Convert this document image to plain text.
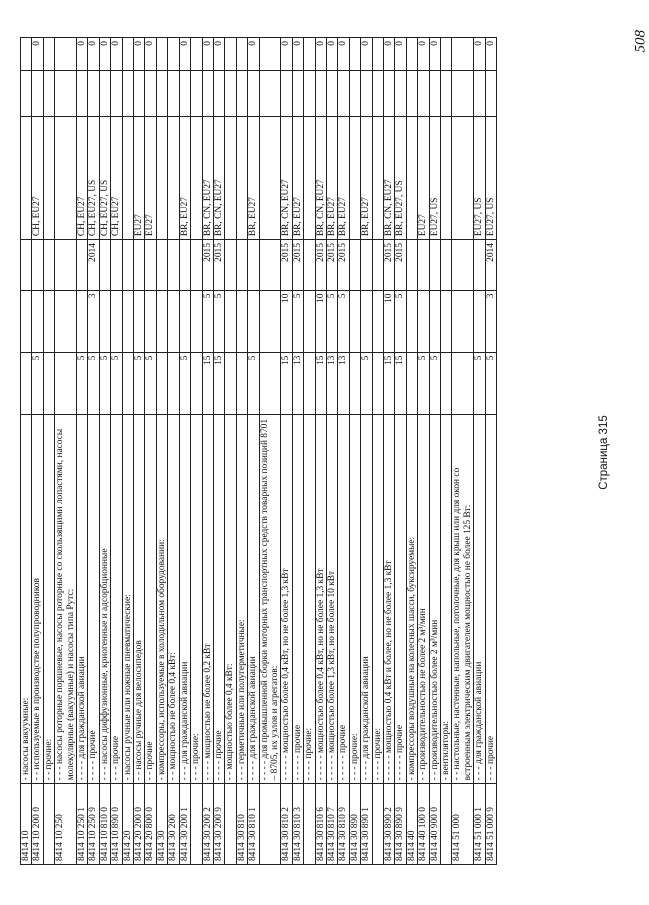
8414 10	- насосы вакуумные:						
8414 10 200 0	- - используемые в производстве полупроводников	5			CH, EU27		0
	- - прочие:						
8414 10 250	- - - насосы роторные поршневые, насосы роторные со скользящими лопастями, насосы молекулярные (вакуумные) и насосы типа Рутс:						
8414 10 250 1	- - - - для гражданской авиации	5			CH, EU27		0
8414 10 250 9	- - - - прочие	5	3	2014	CH, EU27, US		0
8414 10 810 0	- - - насосы диффузионные, криогенные и адсорбционные	5			CH, EU27, US		0
8414 10 890 0	- - - прочие	5			CH, EU27		0
8414 20	- насосы ручные или ножные пневматические:						
8414 20 200 0	- - насосы ручные для велосипедов	5			EU27		0
8414 20 800 0	- - прочие	5			EU27		0
8414 30	- компрессоры, используемые в холодильном оборудовании:						
8414 30 200	- - мощностью не более 0,4 кВт:						
8414 30 200 1	- - - для гражданской авиации	5			BR, EU27		0
	- - - прочие:						
8414 30 200 2	- - - - мощностью не более 0,2 кВт	15	5	2015	BR, CN, EU27		0
8414 30 200 9	- - - - прочие	15	5	2015	BR, CN, EU27		0
	- - мощностью более 0,4 кВт:						
8414 30 810	- - - герметичные или полугерметичные:						
8414 30 810 1	- - - - для гражданской авиации	5			BR, EU27		0
	- - - - для промышленной сборки моторных транспортных средств товарных позиций 8701 – 8705, их узлов и агрегатов:						
8414 30 810 2	- - - - - мощностью более 0,4 кВт, но не более 1,3 кВт	15	10	2015	BR, CN, EU27		0
8414 30 810 3	- - - - - прочие	13	5	2015	BR, EU27		0
	- - - - прочие:						
8414 30 810 6	- - - - - мощностью более 0,4 кВт, но не более 1,3 кВт	15	10	2015	BR, CN, EU27		0
8414 30 810 7	- - - - - мощностью более 1,3 кВт, но не более 10 кВт	13	5	2015	BR, EU27		0
8414 30 810 9	- - - - - прочие	13	5	2015	BR, EU27		0
8414 30 890	- - - прочие:						
8414 30 890 1	- - - - для гражданской авиации	5			BR, EU27		0
	- - - - прочие:						
8414 30 890 2	- - - - - мощностью 0,4 кВт и более, но не более 1,3 кВт	15	10	2015	BR, CN, EU27		0
8414 30 890 9	- - - - - прочие	15	5	2015	BR, EU27, US		0
8414 40	- компрессоры воздушные на колесных шасси, буксируемые:						
8414 40 100 0	- - производительностью не более 2 м³/мин	5			EU27		0
8414 40 900 0	- - производительностью более 2 м³/мин	5			EU27, US		0
	- вентиляторы:						
8414 51 000	- - настольные, настенные, напольные, потолочные, для крыш или для окон со встроенным электрическим двигателем мощностью не более 125 Вт:						
8414 51 000 1	- - - для гражданской авиации	5			EU27, US		0
8414 51 000 9	- - - прочие	5	3	2014	EU27, US		0
Страница 315
508
